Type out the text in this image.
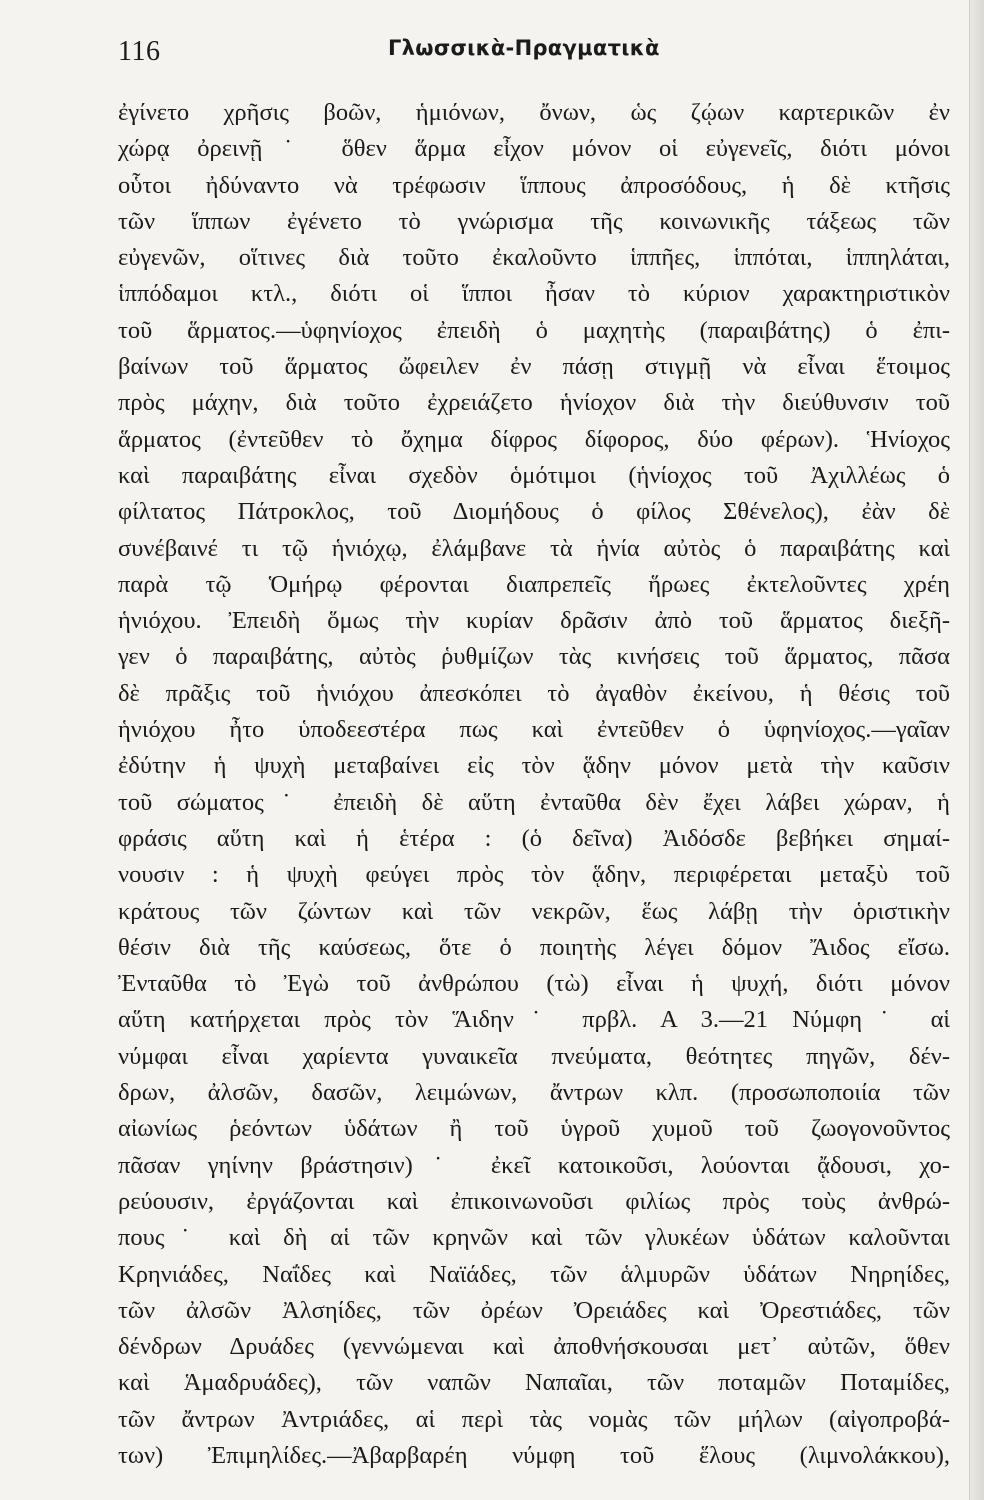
116	Γλωσσικὰ-Πραγματικὰ
ἐγίνετο χρῆσις βοῶν, ἡμιόνων, ὄνων, ὡς ζῴων καρτερικῶν ἐν
χώρᾳ ὀρεινῇ˙ ὅθεν ἅρμα εἶχον μόνον οἱ εὐγενεῖς, διότι μόνοι
οὗτοι ἠδύναντο νὰ τρέφωσιν ἵππους ἀπροσόδους, ἡ δὲ κτῆσις
τῶν ἵππων ἐγένετο τὸ γνώρισμα τῆς κοινωνικῆς τάξεως τῶν
εὐγενῶν, οἵτινες διὰ τοῦτο ἐκαλοῦντο ἱππῆες, ἱππόται, ἱππηλάται,
ἱππόδαμοι κτλ., διότι οἱ ἵπποι ἦσαν τὸ κύριον χαρακτηριστικὸν
τοῦ ἅρματος.—ὑφηνίοχος ἐπειδὴ ὁ μαχητὴς (παραιβάτης) ὁ ἐπι-
βαίνων τοῦ ἅρματος ὤφειλεν ἐν πάσῃ στιγμῇ νὰ εἶναι ἕτοιμος
πρὸς μάχην, διὰ τοῦτο ἐχρειάζετο ἡνίοχον διὰ τὴν διεύθυνσιν τοῦ
ἅρματος (ἐντεῦθεν τὸ ὄχημα δίφρος δίφορος, δύο φέρων). Ἡνίοχος
καὶ παραιβάτης εἶναι σχεδὸν ὁμότιμοι (ἡνίοχος τοῦ Ἀχιλλέως ὁ
φίλτατος Πάτροκλος, τοῦ Διομήδους ὁ φίλος Σθένελος), ἐὰν δὲ
συνέβαινέ τι τῷ ἡνιόχῳ, ἐλάμβανε τὰ ἡνία αὐτὸς ὁ παραιβάτης καὶ
παρὰ τῷ Ὁμήρῳ φέρονται διαπρεπεῖς ἥρωες ἐκτελοῦντες χρέη
ἡνιόχου. Ἐπειδὴ ὅμως τὴν κυρίαν δρᾶσιν ἀπὸ τοῦ ἅρματος διεξῆ-
γεν ὁ παραιβάτης, αὐτὸς ῥυθμίζων τὰς κινήσεις τοῦ ἅρματος, πᾶσα
δὲ πρᾶξις τοῦ ἡνιόχου ἀπεσκόπει τὸ ἀγαθὸν ἐκείνου, ἡ θέσις τοῦ
ἡνιόχου ἦτο ὑποδεεστέρα πως καὶ ἐντεῦθεν ὁ ὑφηνίοχος.—γαῖαν
ἐδύτην ἡ ψυχὴ μεταβαίνει εἰς τὸν ᾅδην μόνον μετὰ τὴν καῦσιν
τοῦ σώματος˙ ἐπειδὴ δὲ αὕτη ἐνταῦθα δὲν ἔχει λάβει χώραν, ἡ
φράσις αὕτη καὶ ἡ ἑτέρα : (ὁ δεῖνα) Ἀιδόσδε βεβήκει σημαί-
νουσιν : ἡ ψυχὴ φεύγει πρὸς τὸν ᾅδην, περιφέρεται μεταξὺ τοῦ
κράτους τῶν ζώντων καὶ τῶν νεκρῶν, ἕως λάβῃ τὴν ὁριστικὴν
θέσιν διὰ τῆς καύσεως, ὅτε ὁ ποιητὴς λέγει δόμον Ἄιδος εἴσω.
Ἐνταῦθα τὸ Ἐγὼ τοῦ ἀνθρώπου (τὼ) εἶναι ἡ ψυχή, διότι μόνον
αὕτη κατήρχεται πρὸς τὸν Ἅιδην˙ πρβλ. Α 3.—21 Νύμφη˙ αἱ
νύμφαι εἶναι χαρίεντα γυναικεῖα πνεύματα, θεότητες πηγῶν, δέν-
δρων, ἀλσῶν, δασῶν, λειμώνων, ἄντρων κλπ. (προσωποποιία τῶν
αἰωνίως ῥεόντων ὑδάτων ἢ τοῦ ὑγροῦ χυμοῦ τοῦ ζωογονοῦντος
πᾶσαν γηίνην βράστησιν)˙ ἐκεῖ κατοικοῦσι, λούονται ᾄδουσι, χο-
ρεύουσιν, ἐργάζονται καὶ ἐπικοινωνοῦσι φιλίως πρὸς τοὺς ἀνθρώ-
πους˙ καὶ δὴ αἱ τῶν κρηνῶν καὶ τῶν γλυκέων ὑδάτων καλοῦνται
Κρηνιάδες, Ναΐδες καὶ Ναϊάδες, τῶν ἁλμυρῶν ὑδάτων Νηρηίδες,
τῶν ἀλσῶν Ἀλσηίδες, τῶν ὀρέων Ὀρειάδες καὶ Ὀρεστιάδες, τῶν
δένδρων Δρυάδες (γεννώμεναι καὶ ἀποθνήσκουσαι μετ᾿ αὐτῶν, ὅθεν
καὶ Ἁμαδρυάδες), τῶν ναπῶν Ναπαῖαι, τῶν ποταμῶν Ποταμίδες,
τῶν ἄντρων Ἀντριάδες, αἱ περὶ τὰς νομὰς τῶν μήλων (αἰγοπροβά-
των) Ἐπιμηλίδες.—Ἀβαρβαρέη νύμφη τοῦ ἕλους (λιμνολάκκου),
